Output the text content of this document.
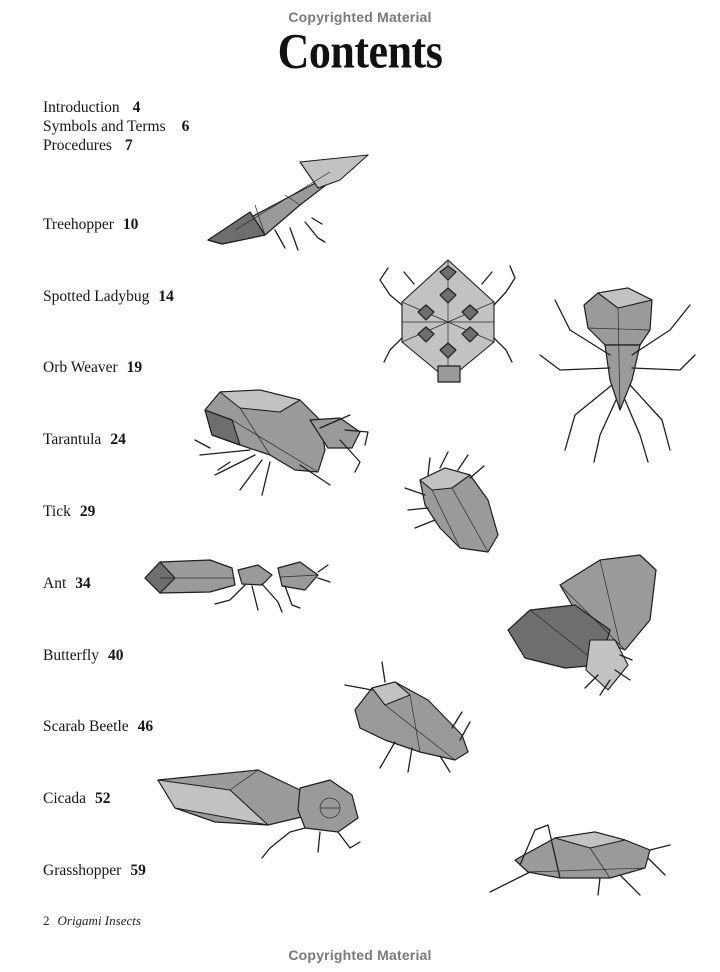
Copyrighted Material
Contents
Introduction 4
Symbols and Terms 6
Procedures 7
Treehopper 10
Spotted Ladybug 14
Orb Weaver 19
Tarantula 24
Tick 29
Ant 34
Butterfly 40
Scarab Beetle 46
Cicada 52
Grasshopper 59
2 Origami Insects
Copyrighted Material
